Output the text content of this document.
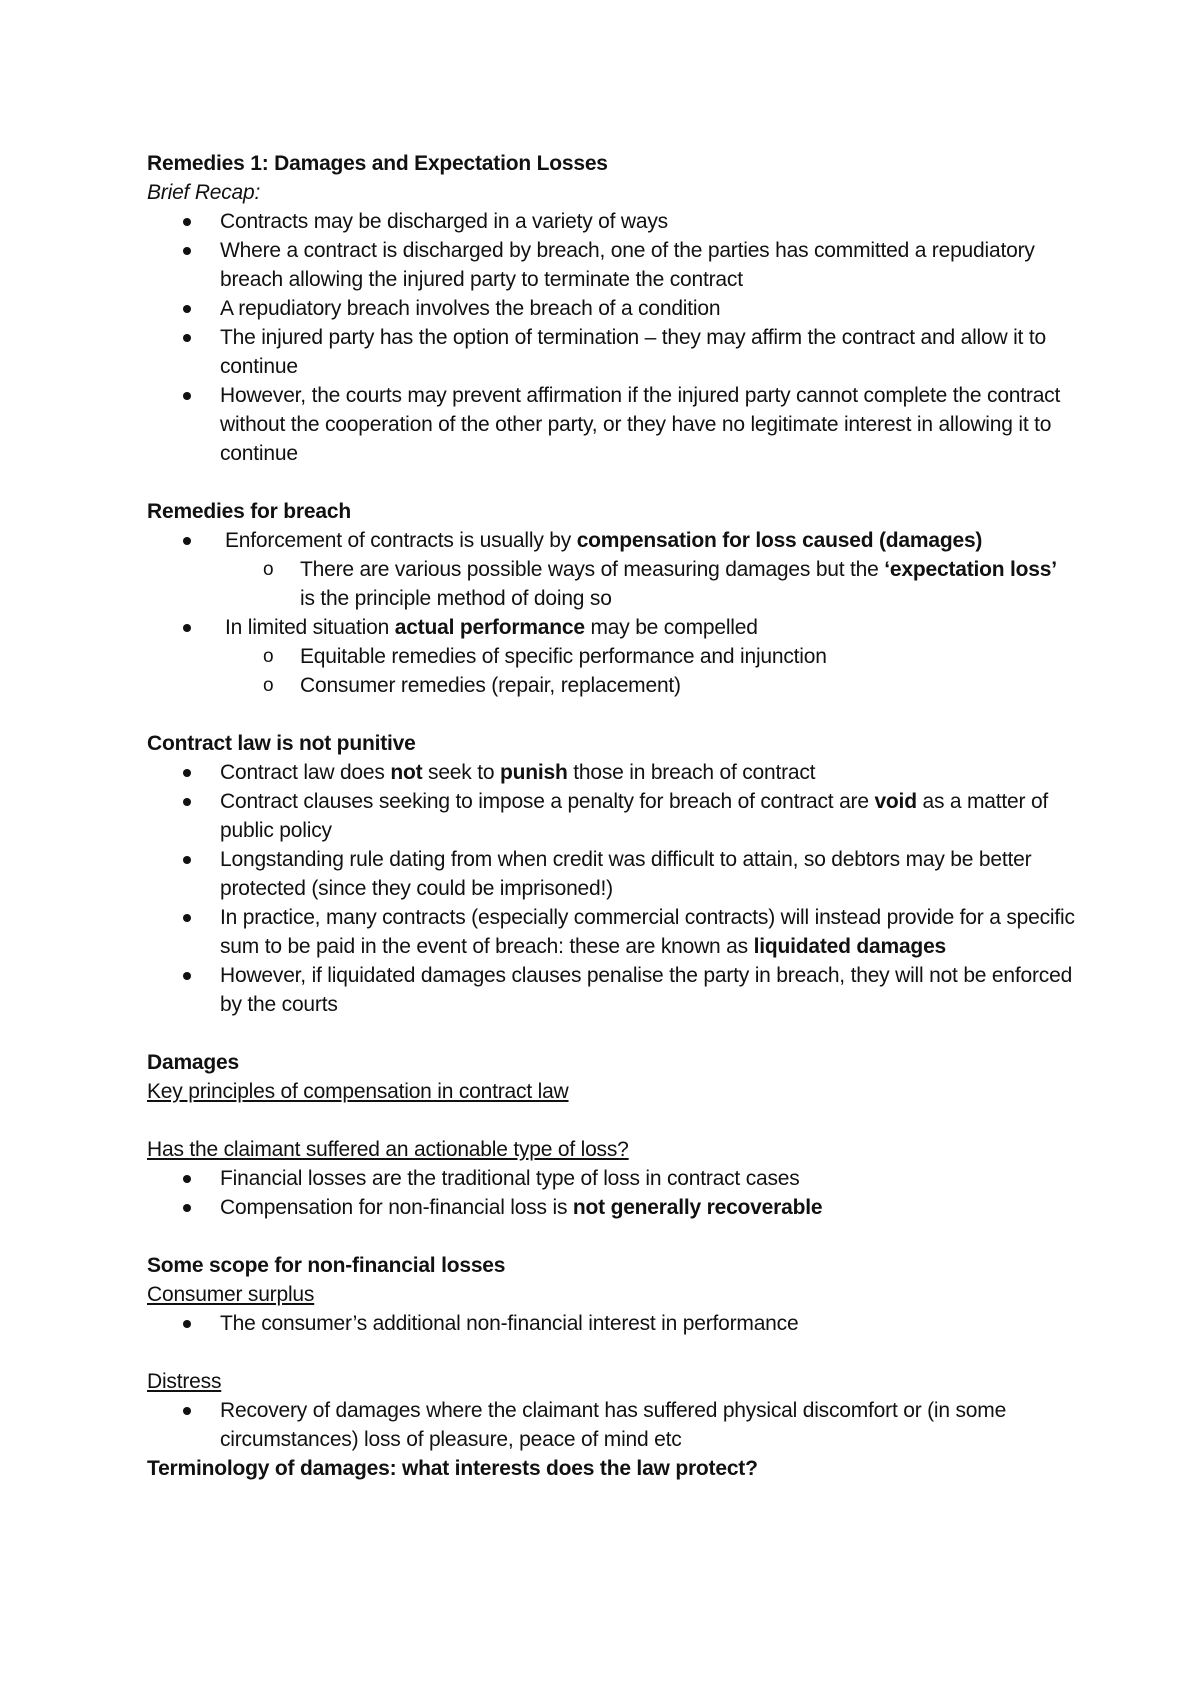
Remedies 1: Damages and Expectation Losses

Brief Recap:

Contracts may be discharged in a variety of ways
Where a contract is discharged by breach, one of the parties has committed a repudiatory breach allowing the injured party to terminate the contract
A repudiatory breach involves the breach of a condition
The injured party has the option of termination – they may affirm the contract and allow it to continue
However, the courts may prevent affirmation if the injured party cannot complete the contract without the cooperation of the other party, or they have no legitimate interest in allowing it to continue

Remedies for breach

Enforcement of contracts is usually by compensation for loss caused (damages)
o There are various possible ways of measuring damages but the ‘expectation loss’ is the principle method of doing so
In limited situation actual performance may be compelled
o Equitable remedies of specific performance and injunction
o Consumer remedies (repair, replacement)

Contract law is not punitive

Contract law does not seek to punish those in breach of contract
Contract clauses seeking to impose a penalty for breach of contract are void as a matter of public policy
Longstanding rule dating from when credit was difficult to attain, so debtors may be better protected (since they could be imprisoned!)
In practice, many contracts (especially commercial contracts) will instead provide for a specific sum to be paid in the event of breach: these are known as liquidated damages
However, if liquidated damages clauses penalise the party in breach, they will not be enforced by the courts

Damages

Key principles of compensation in contract law

Has the claimant suffered an actionable type of loss?

Financial losses are the traditional type of loss in contract cases
Compensation for non-financial loss is not generally recoverable

Some scope for non-financial losses

Consumer surplus

The consumer’s additional non-financial interest in performance

Distress

Recovery of damages where the claimant has suffered physical discomfort or (in some circumstances) loss of pleasure, peace of mind etc

Terminology of damages: what interests does the law protect?
